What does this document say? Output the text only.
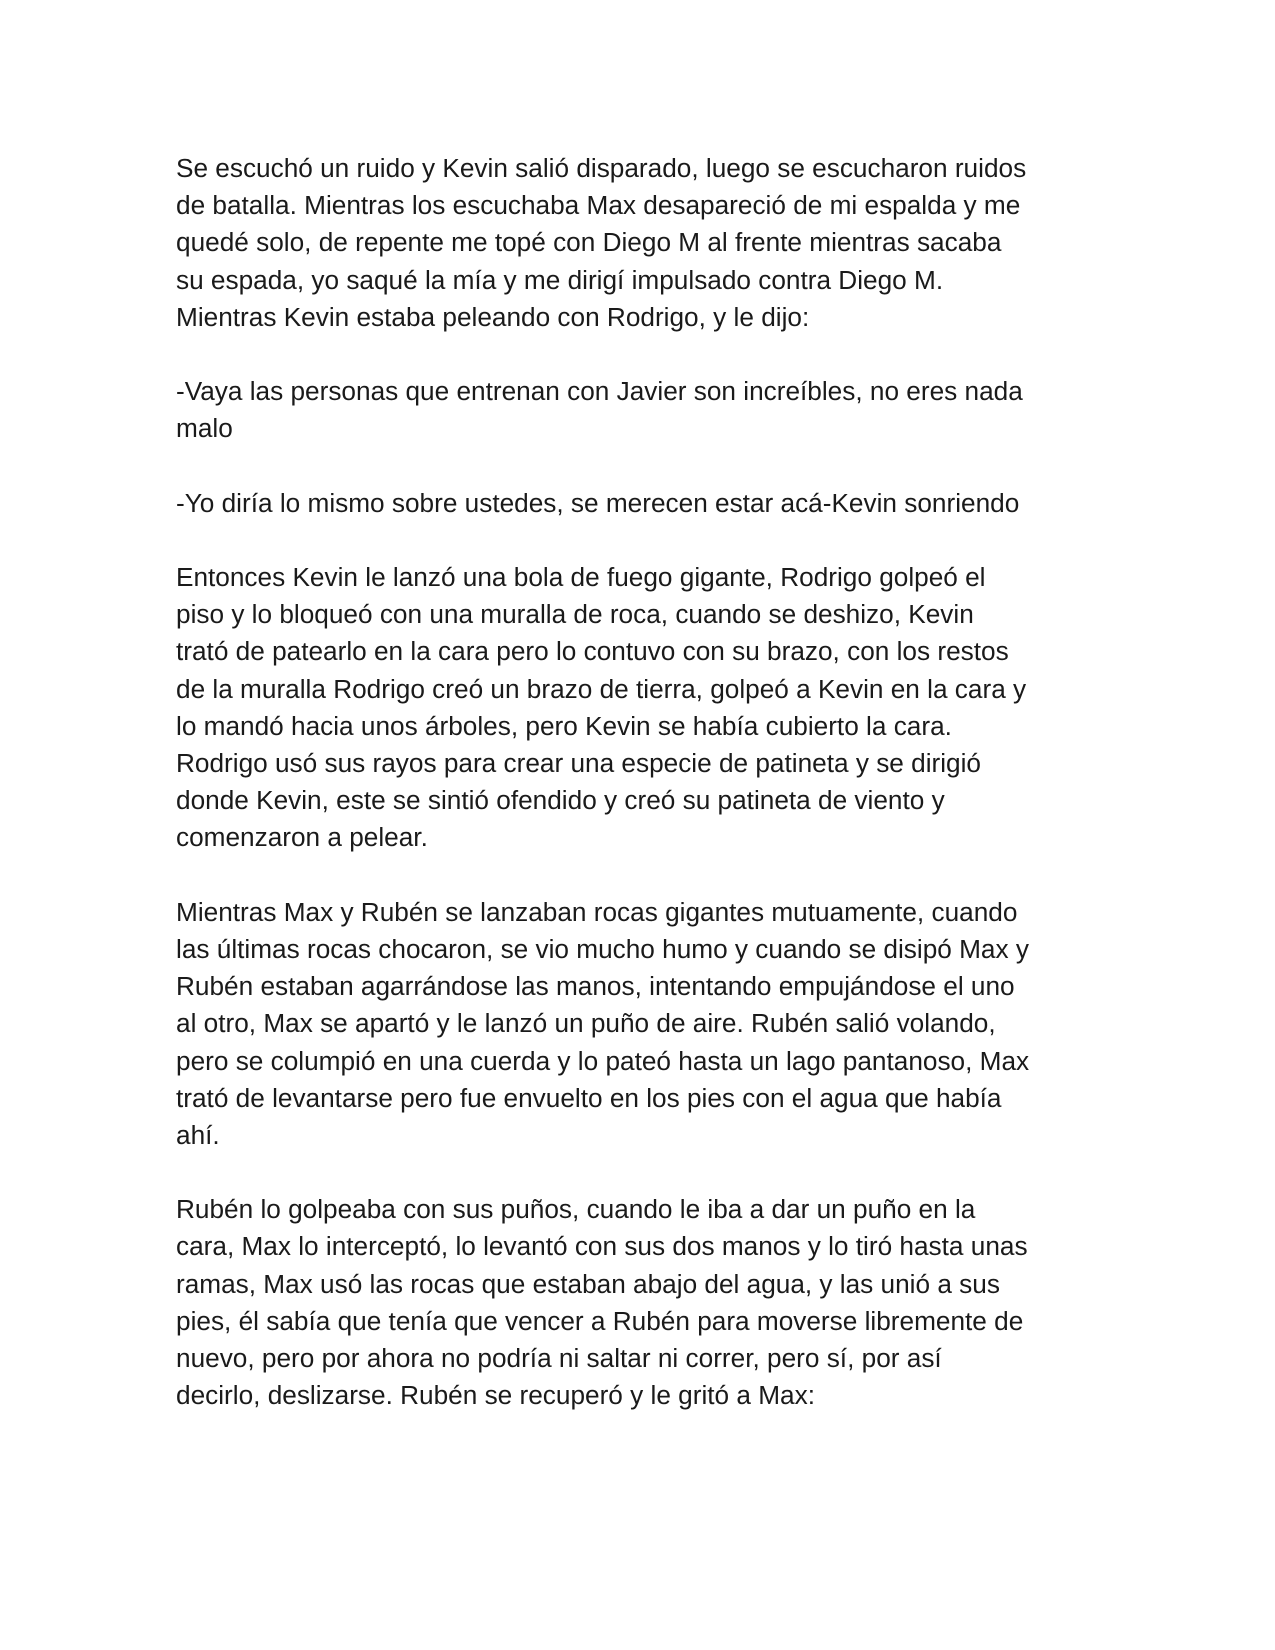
Se escuchó un ruido y Kevin salió disparado, luego se escucharon ruidos
de batalla. Mientras los escuchaba Max desapareció de mi espalda y me
quedé solo, de repente me topé con Diego M al frente mientras sacaba
su espada, yo saqué la mía y me dirigí impulsado contra Diego M.
Mientras Kevin estaba peleando con Rodrigo, y le dijo:
-Vaya las personas que entrenan con Javier son increíbles, no eres nada
malo
-Yo diría lo mismo sobre ustedes, se merecen estar acá-Kevin sonriendo
Entonces Kevin le lanzó una bola de fuego gigante, Rodrigo golpeó el
piso y lo bloqueó con una muralla de roca, cuando se deshizo, Kevin
trató de patearlo en la cara pero lo contuvo con su brazo, con los restos
de la muralla Rodrigo creó un brazo de tierra, golpeó a Kevin en la cara y
lo mandó hacia unos árboles, pero Kevin se había cubierto la cara.
Rodrigo usó sus rayos para crear una especie de patineta y se dirigió
donde Kevin, este se sintió ofendido y creó su patineta de viento y
comenzaron a pelear.
Mientras Max y Rubén se lanzaban rocas gigantes mutuamente, cuando
las últimas rocas chocaron, se vio mucho humo y cuando se disipó Max y
Rubén estaban agarrándose las manos, intentando empujándose el uno
al otro, Max se apartó y le lanzó un puño de aire. Rubén salió volando,
pero se columpió en una cuerda y lo pateó hasta un lago pantanoso, Max
trató de levantarse pero fue envuelto en los pies con el agua que había
ahí.
Rubén lo golpeaba con sus puños, cuando le iba a dar un puño en la
cara, Max lo interceptó, lo levantó con sus dos manos y lo tiró hasta unas
ramas, Max usó las rocas que estaban abajo del agua, y las unió a sus
pies, él sabía que tenía que vencer a Rubén para moverse libremente de
nuevo, pero por ahora no podría ni saltar ni correr, pero sí, por así
decirlo, deslizarse. Rubén se recuperó y le gritó a Max:
